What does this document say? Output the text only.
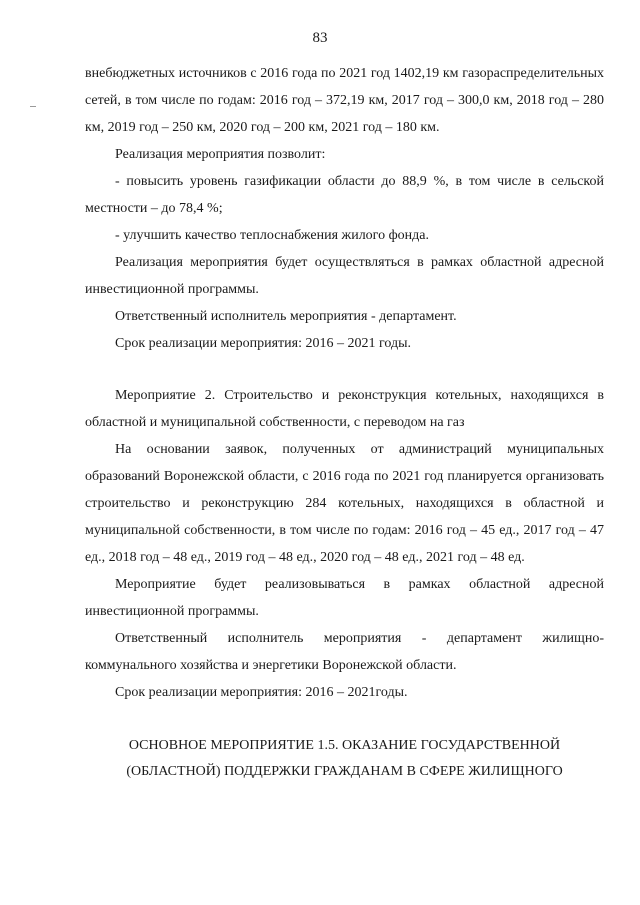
83

внебюджетных источников с 2016 года по 2021 год 1402,19 км газораспределительных сетей, в том числе по годам: 2016 год – 372,19 км, 2017 год – 300,0 км, 2018 год – 280 км, 2019 год – 250 км, 2020 год – 200 км, 2021 год – 180 км.

Реализация мероприятия позволит:

- повысить уровень газификации области до 88,9 %, в том числе в сельской местности – до 78,4 %;

- улучшить качество теплоснабжения жилого фонда.

Реализация мероприятия будет осуществляться в рамках областной адресной инвестиционной программы.

Ответственный исполнитель мероприятия - департамент.

Срок реализации мероприятия: 2016 – 2021 годы.

Мероприятие 2. Строительство и реконструкция котельных, находящихся в областной и муниципальной собственности, с переводом на газ

На основании заявок, полученных от администраций муниципальных образований Воронежской области, с 2016 года по 2021 год планируется организовать строительство и реконструкцию 284 котельных, находящихся в областной и муниципальной собственности, в том числе по годам: 2016 год – 45 ед., 2017 год – 47 ед., 2018 год – 48 ед., 2019 год – 48 ед., 2020 год – 48 ед., 2021 год – 48 ед.

Мероприятие будет реализовываться в рамках областной адресной инвестиционной программы.

Ответственный исполнитель мероприятия - департамент жилищно-коммунального хозяйства и энергетики Воронежской области.

Срок реализации мероприятия: 2016 – 2021годы.

ОСНОВНОЕ МЕРОПРИЯТИЕ 1.5. ОКАЗАНИЕ ГОСУДАРСТВЕННОЙ

(ОБЛАСТНОЙ) ПОДДЕРЖКИ ГРАЖДАНАМ В СФЕРЕ ЖИЛИЩНОГО
